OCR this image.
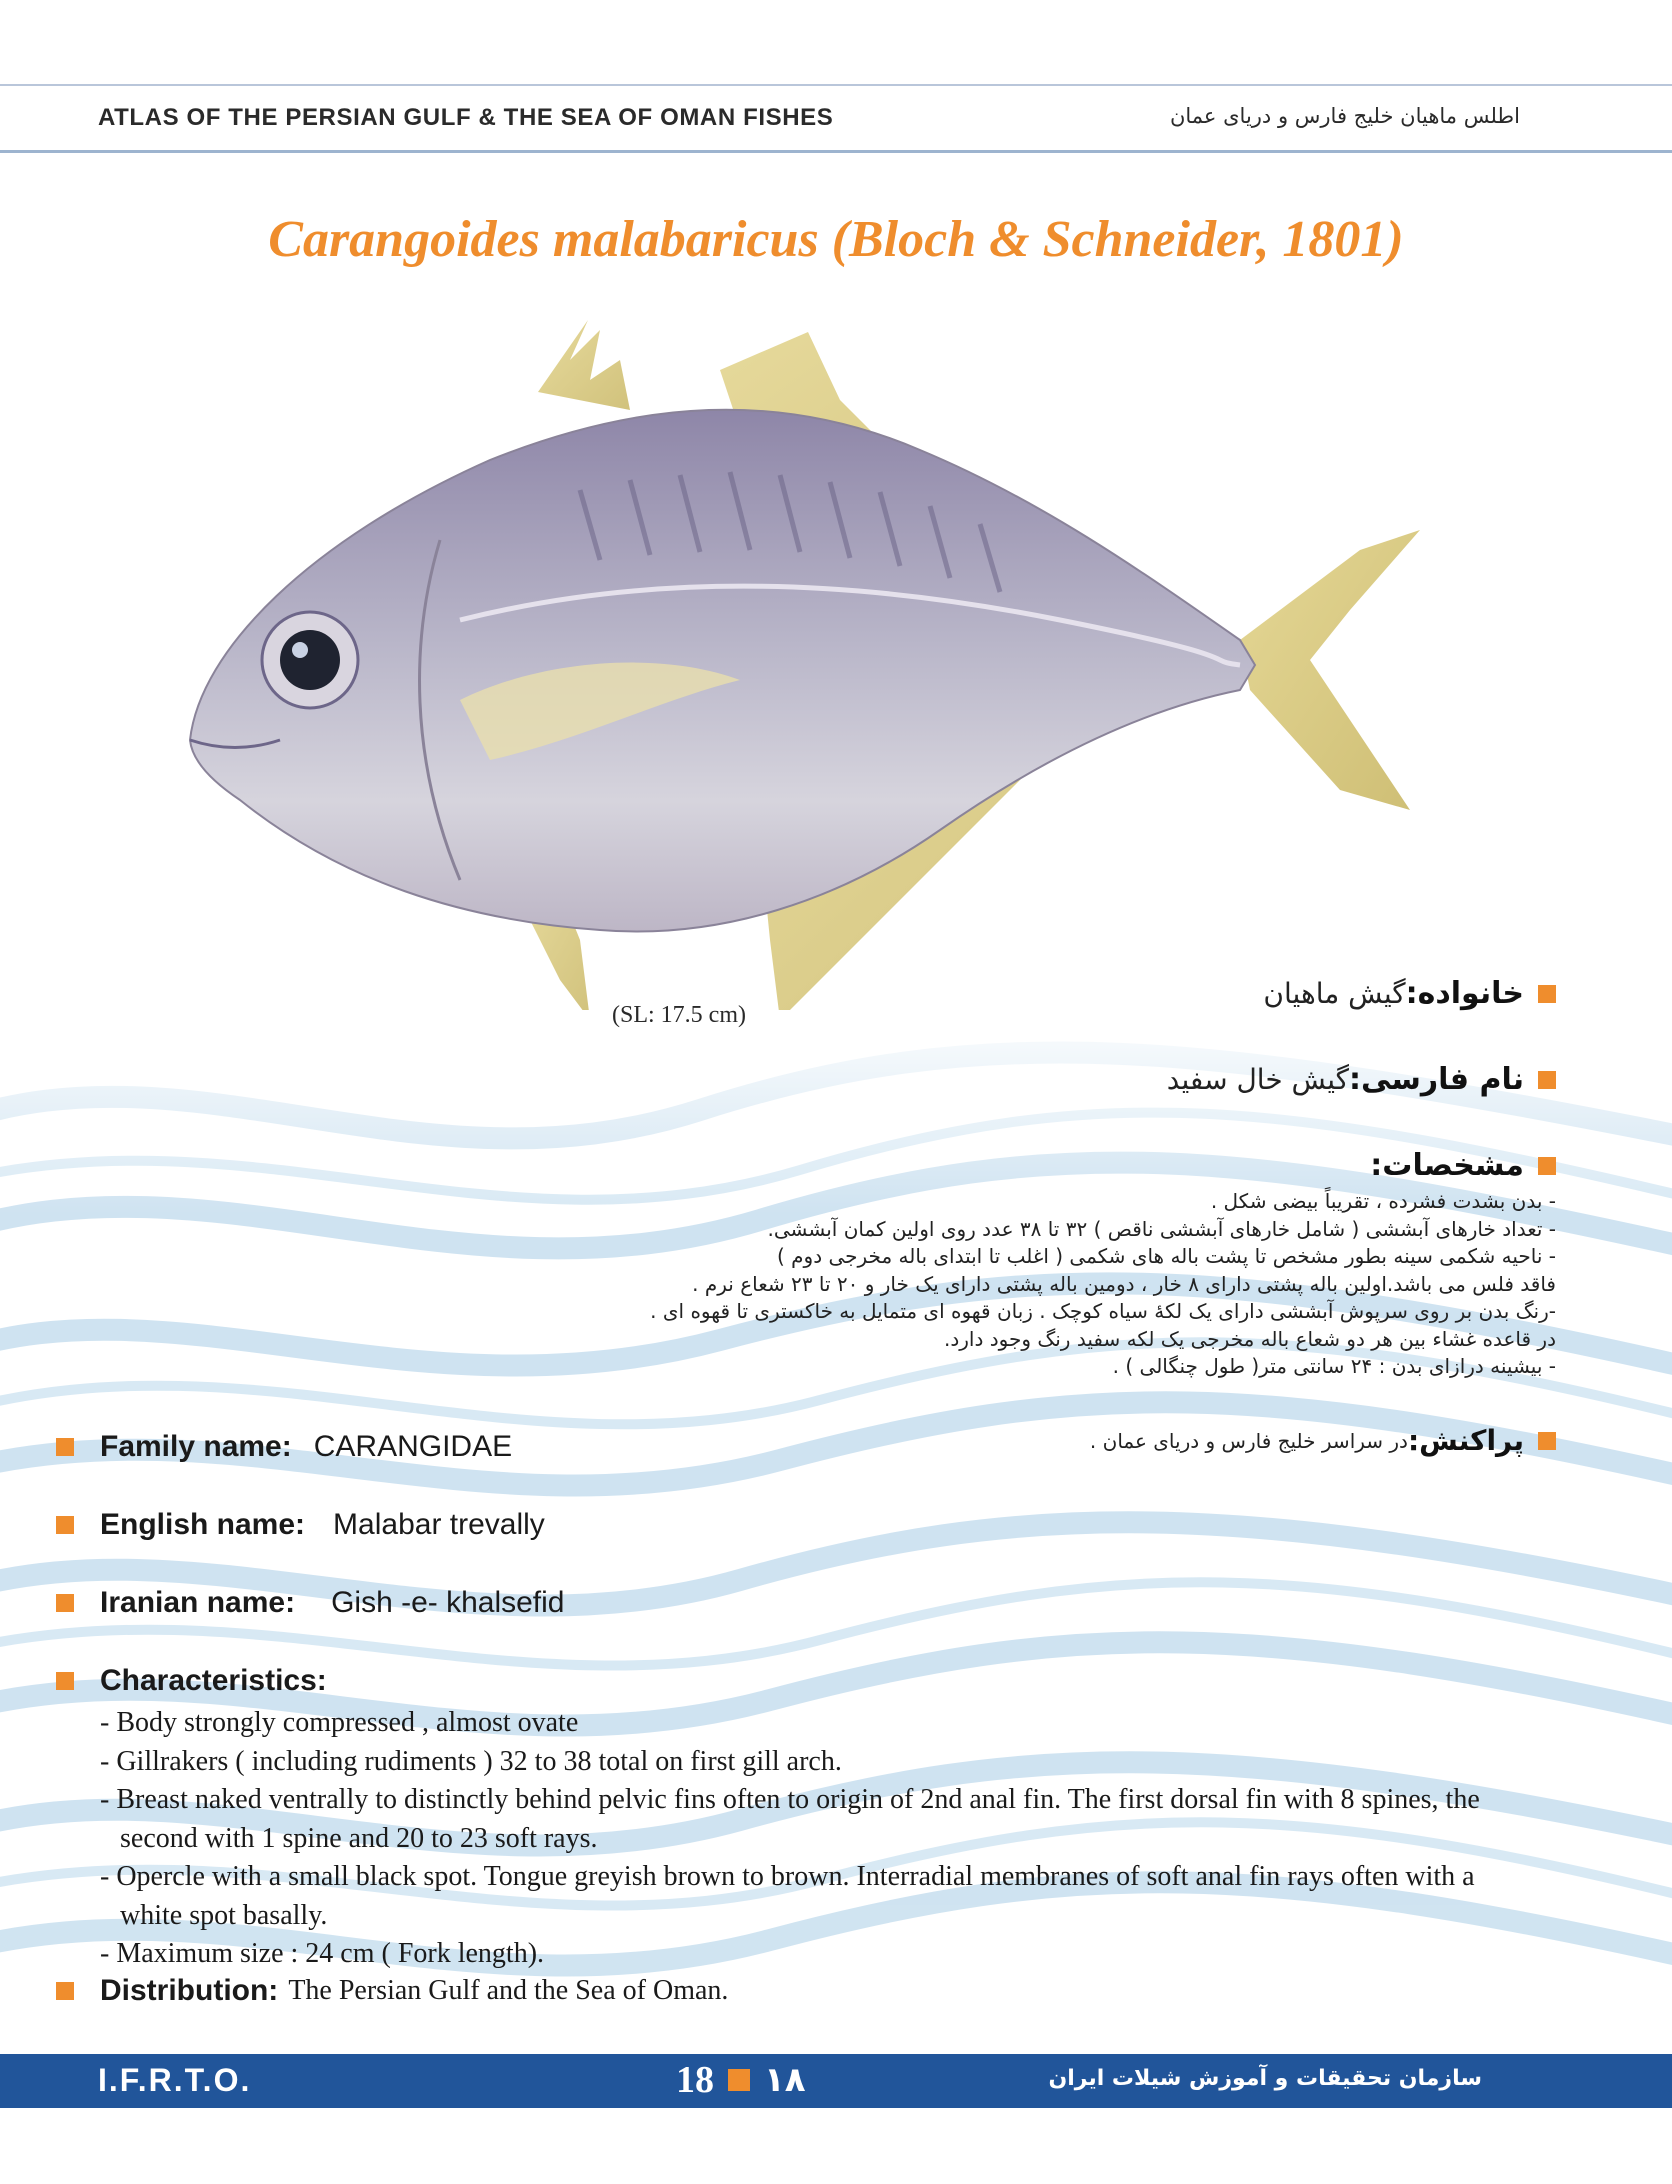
ATLAS OF THE PERSIAN GULF & THE SEA OF OMAN FISHES	اطلس ماهیان خلیج فارس و دریای عمان
Carangoides malabaricus (Bloch & Schneider, 1801)
(SL: 17.5 cm)
خانواده:
گیش ماهیان
نام فارسی:
گیش خال سفید
مشخصات:
- بدن بشدت فشرده ، تقریباً بیضی شکل .
- تعداد خارهای آبششی ( شامل خارهای آبششی ناقص ) ۳۲ تا ۳۸ عدد روی اولین کمان آبششی.
- ناحیه شکمی سینه بطور مشخص تا پشت باله های شکمی ( اغلب تا ابتدای باله مخرجی دوم )
فاقد فلس می باشد.اولین باله پشتی دارای ۸ خار ، دومین باله پشتی دارای یک خار و ۲۰ تا ۲۳ شعاع نرم .
-رنگ بدن بر روی سرپوش آبششی دارای یک لکهٔ سیاه کوچک . زبان قهوه ای متمایل به خاکستری تا قهوه ای .
در قاعده غشاء بین هر دو شعاع باله مخرجی یک لکه سفید رنگ وجود دارد.
- بیشینه درازای بدن : ۲۴ سانتی متر( طول چنگالی ) .
پراکنش:
در سراسر خلیج فارس و دریای عمان .
Family name: CARANGIDAE
English name: Malabar trevally
Iranian name: Gish -e- khalsefid
Characteristics:
- Body strongly compressed , almost ovate
- Gillrakers ( including rudiments ) 32 to 38 total on first gill arch.
- Breast naked ventrally to distinctly behind pelvic fins often to origin of 2nd anal fin. The first dorsal fin with 8 spines, the second with 1 spine and 20 to 23 soft rays.
- Opercle with a small black spot. Tongue greyish brown to brown. Interradial membranes of soft anal fin rays often with a white spot basally.
- Maximum size : 24 cm ( Fork length).
Distribution: The Persian Gulf and the Sea of Oman.
I.F.R.T.O.	18 ۱۸	سازمان تحقیقات و آموزش شیلات ایران
